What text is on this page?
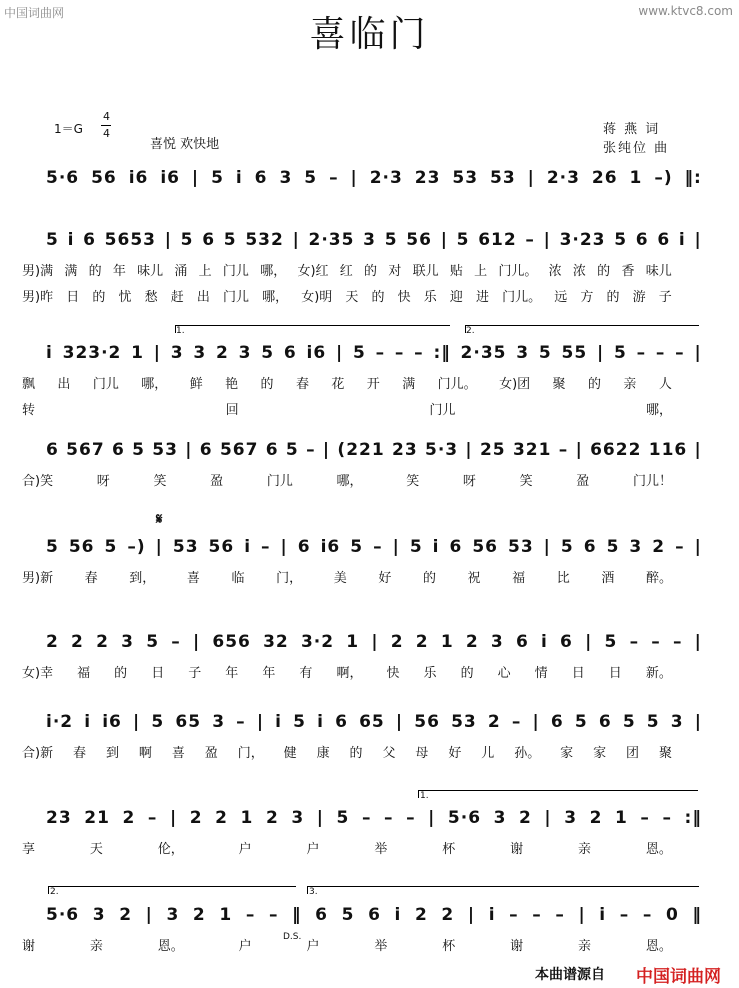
中国词曲网	www.ktvc8.com
喜临门
1＝G
4
4
喜悦 欢快地
蒋 燕 词
张纯位 曲
5·6 56 i6 i6 | 5 i 6 3 5 – | 2·3 23 53 53 | 2·3 26 1 –) ‖:
5 i 6 5653 | 5 6 5 532 | 2·35 3 5 56 | 5 612 – | 3·23 5 6 6 i |
男)满 满 的 年 味儿 涌 上 门儿 哪， 女)红 红 的 对 联儿 贴 上 门儿。 浓 浓 的 香 味儿
男)昨 日 的 忧 愁 赶 出 门儿 哪， 女)明 天 的 快 乐 迎 进 门儿。 远 方 的 游 子
i 323·2 1 | 3 3 2 3 5 6 i6 | 5 – – – :‖ 2·35 3 5 55 | 5 – – – |
飘 出 门儿 哪， 鲜 艳 的 春 花 开 满 门儿。 女)团 聚 的 亲 人
转	回	门儿	哪，
6 567 6 5 53 | 6 567 6 5 – | (221 23 5·3 | 25 321 – | 6622 116 |
合)笑	呀	笑	盈	门儿	哪，	笑	呀	笑	盈	门儿！
5 56 5 –) | 53 56 i – | 6 i6 5 – | 5 i 6 56 53 | 5 6 5 3 2 – |
男)新 春 到， 喜 临 门， 美 好 的 祝 福 比 酒 醉。
2 2 2 3 5 – | 656 32 3·2 1 | 2 2 1 2 3 6 i 6 | 5 – – – |
女)幸 福 的 日 子 年 年 有 啊， 快 乐 的 心 情 日 日 新。
i·2 i i6 | 5 65 3 – | i 5 i 6 65 | 56 53 2 – | 6 5 6 5 5 3 |
合)新 春 到 啊 喜 盈 门， 健 康 的 父 母 好 儿 孙。 家 家 团 聚
23 21 2 – | 2 2 1 2 3 | 5 – – – | 5·6 3 2 | 3 2 1 – – :‖
享	天	伦，	户	户	举	杯	谢	亲	恩。
5·6 3 2 | 3 2 1 – – ‖ 6 5 6 i 2 2 | i – – – | i – – 0 ‖
谢	亲	恩。	户	户	举	杯	谢	亲	恩。
1.	2.
𝄋
1.
2.	3.
D.S.
本曲谱源自 中国词曲网
